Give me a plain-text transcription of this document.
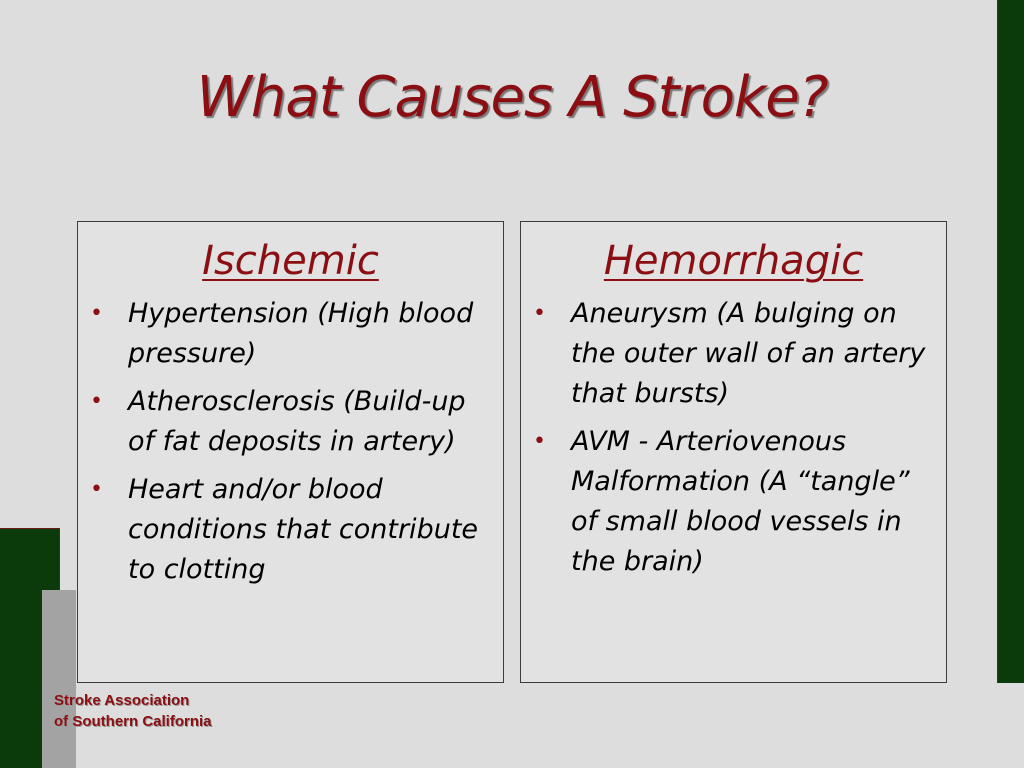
What Causes A Stroke?
Ischemic
• Hypertension (High blood pressure)
• Atherosclerosis (Build-up of fat deposits in artery)
• Heart and/or blood conditions that contribute to clotting
Hemorrhagic
• Aneurysm (A bulging on the outer wall of an artery that bursts)
• AVM - Arteriovenous Malformation (A “tangle” of small blood vessels in the brain)
Stroke Association
of Southern California
